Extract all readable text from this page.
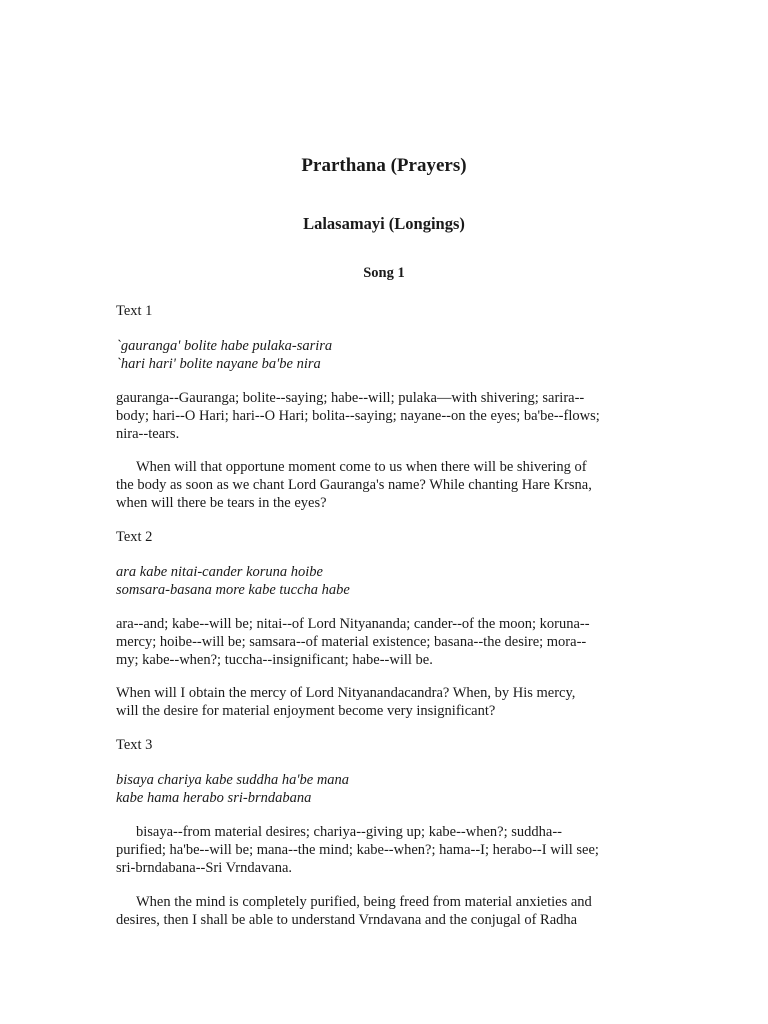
Prarthana (Prayers)
Lalasamayi (Longings)
Song 1
Text 1
`gauranga' bolite habe pulaka-sarira
`hari hari' bolite nayane ba'be nira
gauranga--Gauranga; bolite--saying; habe--will; pulaka—with shivering; sarira--
body; hari--O Hari; hari--O Hari; bolita--saying; nayane--on the eyes; ba'be--flows;
nira--tears.
When will that opportune moment come to us when there will be shivering of
the body as soon as we chant Lord Gauranga's name? While chanting Hare Krsna,
when will there be tears in the eyes?
Text 2
ara kabe nitai-cander koruna hoibe
somsara-basana more kabe tuccha habe
ara--and; kabe--will be; nitai--of Lord Nityananda; cander--of the moon; koruna--
mercy; hoibe--will be; samsara--of material existence; basana--the desire; mora--
my; kabe--when?; tuccha--insignificant; habe--will be.
When will I obtain the mercy of Lord Nityanandacandra? When, by His mercy,
will the desire for material enjoyment become very insignificant?
Text 3
bisaya chariya kabe suddha ha'be mana
kabe hama herabo sri-brndabana
bisaya--from material desires; chariya--giving up; kabe--when?; suddha--
purified; ha'be--will be; mana--the mind; kabe--when?; hama--I; herabo--I will see;
sri-brndabana--Sri Vrndavana.
When the mind is completely purified, being freed from material anxieties and
desires, then I shall be able to understand Vrndavana and the conjugal of Radha
